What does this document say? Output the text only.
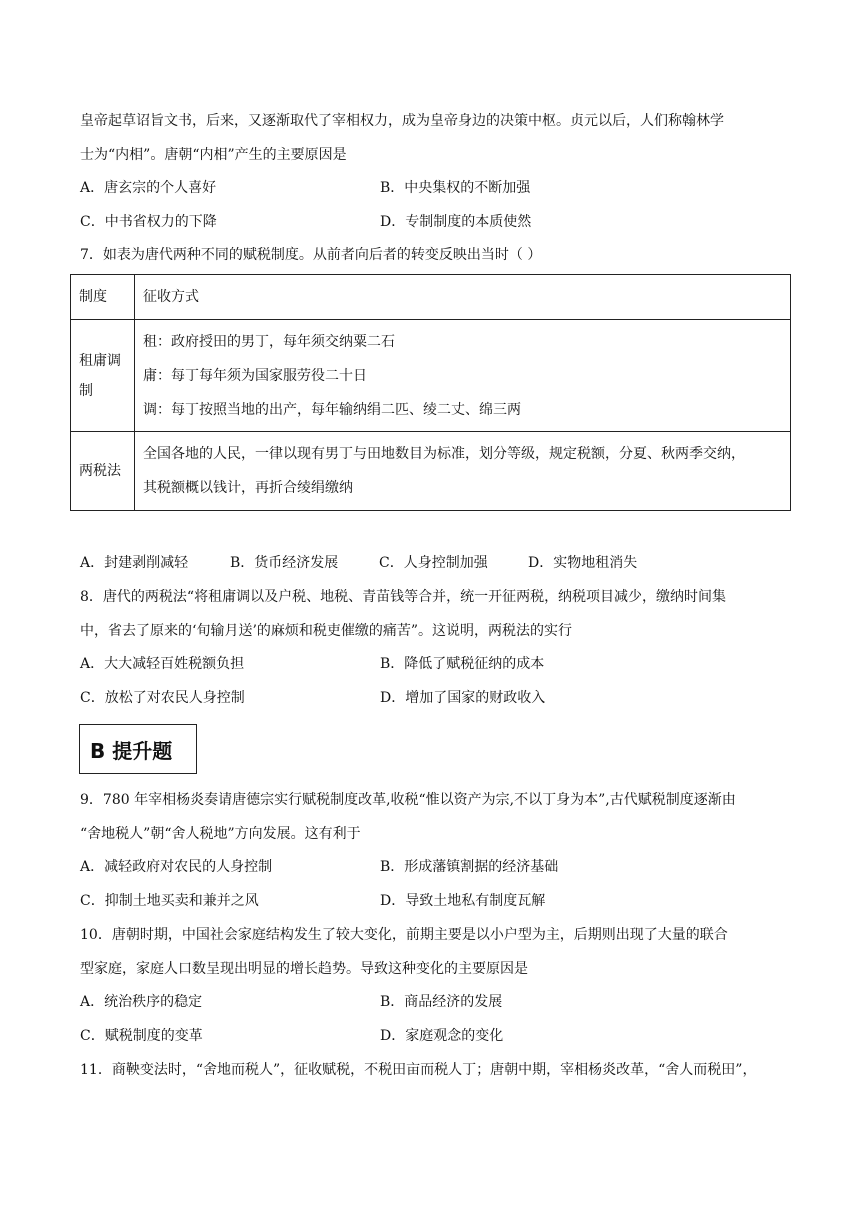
皇帝起草诏旨文书，后来，又逐渐取代了宰相权力，成为皇帝身边的决策中枢。贞元以后，人们称翰林学
士为“内相”。唐朝“内相”产生的主要原因是
A．唐玄宗的个人喜好	B．中央集权的不断加强
C．中书省权力的下降	D．专制制度的本质使然
7．如表为唐代两种不同的赋税制度。从前者向后者的转变反映出当时（ ）
制度	征收方式

租庸调
制	租：政府授田的男丁，每年须交纳粟二石
庸：每丁每年须为国家服劳役二十日
调：每丁按照当地的出产，每年输纳绢二匹、绫二丈、绵三两

两税法	全国各地的人民，一律以现有男丁与田地数目为标准，划分等级，规定税额，分夏、秋两季交纳，
其税额概以钱计，再折合绫绢缴纳
A．封建剥削减轻	B．货币经济发展	C．人身控制加强	D．实物地租消失
8．唐代的两税法“将租庸调以及户税、地税、青苗钱等合并，统一开征两税，纳税项目减少，缴纳时间集
中，省去了原来的‘旬输月送’的麻烦和税吏催缴的痛苦”。这说明，两税法的实行
A．大大减轻百姓税额负担	B．降低了赋税征纳的成本
C．放松了对农民人身控制	D．增加了国家的财政收入
B 提升题
9．780 年宰相杨炎奏请唐德宗实行赋税制度改革,收税“惟以资产为宗,不以丁身为本”,古代赋税制度逐渐由
“舍地税人”朝“舍人税地”方向发展。这有利于
A．减轻政府对农民的人身控制	B．形成藩镇割据的经济基础
C．抑制土地买卖和兼并之风	D．导致土地私有制度瓦解
10．唐朝时期，中国社会家庭结构发生了较大变化，前期主要是以小户型为主，后期则出现了大量的联合
型家庭，家庭人口数呈现出明显的增长趋势。导致这种变化的主要原因是
A．统治秩序的稳定	B．商品经济的发展
C．赋税制度的变革	D．家庭观念的变化
11．商鞅变法时，“舍地而税人”，征收赋税，不税田亩而税人丁；唐朝中期，宰相杨炎改革，“舍人而税田”，
